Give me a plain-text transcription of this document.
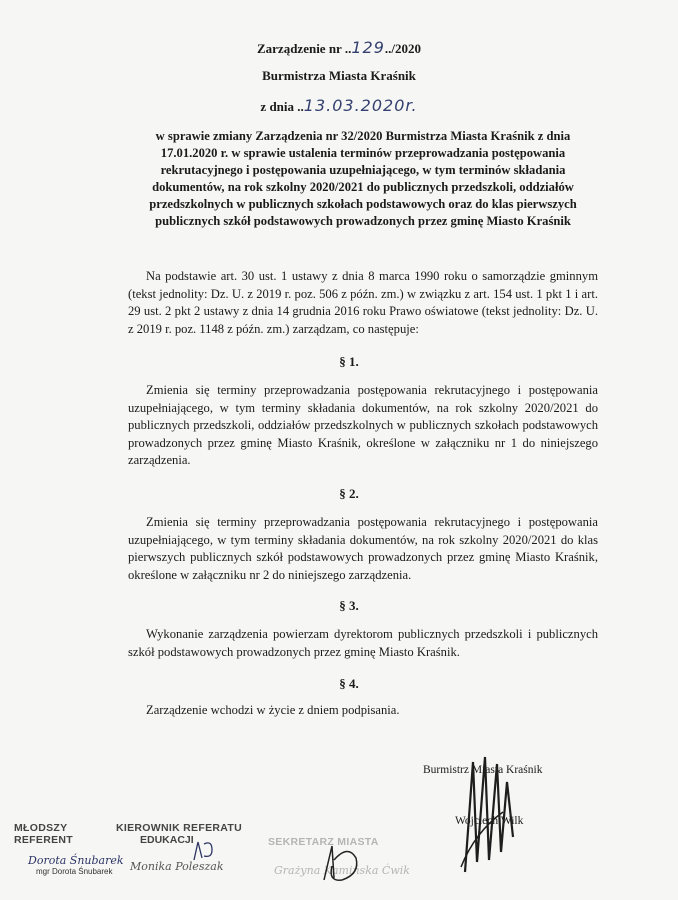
Zarządzenie nr ..129../2020
Burmistrza Miasta Kraśnik
z dnia ..13.03.2020r.
w sprawie zmiany Zarządzenia nr 32/2020 Burmistrza Miasta Kraśnik z dnia 17.01.2020 r. w sprawie ustalenia terminów przeprowadzania postępowania rekrutacyjnego i postępowania uzupełniającego, w tym terminów składania dokumentów, na rok szkolny 2020/2021 do publicznych przedszkoli, oddziałów przedszkolnych w publicznych szkołach podstawowych oraz do klas pierwszych publicznych szkół podstawowych prowadzonych przez gminę Miasto Kraśnik
Na podstawie art. 30 ust. 1 ustawy z dnia 8 marca 1990 roku o samorządzie gminnym (tekst jednolity: Dz. U. z 2019 r. poz. 506 z późn. zm.) w związku z art. 154 ust. 1 pkt 1 i art. 29 ust. 2 pkt 2 ustawy z dnia 14 grudnia 2016 roku Prawo oświatowe (tekst jednolity: Dz. U. z 2019 r. poz. 1148 z późn. zm.) zarządzam, co następuje:
§ 1.
Zmienia się terminy przeprowadzania postępowania rekrutacyjnego i postępowania uzupełniającego, w tym terminy składania dokumentów, na rok szkolny 2020/2021 do publicznych przedszkoli, oddziałów przedszkolnych w publicznych szkołach podstawowych prowadzonych przez gminę Miasto Kraśnik, określone w załączniku nr 1 do niniejszego zarządzenia.
§ 2.
Zmienia się terminy przeprowadzania postępowania rekrutacyjnego i postępowania uzupełniającego, w tym terminy składania dokumentów, na rok szkolny 2020/2021 do klas pierwszych publicznych szkół podstawowych prowadzonych przez gminę Miasto Kraśnik, określone w załączniku nr 2 do niniejszego zarządzenia.
§ 3.
Wykonanie zarządzenia powierzam dyrektorom publicznych przedszkoli i publicznych szkół podstawowych prowadzonych przez gminę Miasto Kraśnik.
§ 4.
Zarządzenie wchodzi w życie z dniem podpisania.
Burmistrz Miasta Kraśnik
Wojciech Wilk
MŁODSZY REFERENT
Dorota Śnubarek
mgr Dorota Śnubarek
KIEROWNIK REFERATU
EDUKACJI
Monika Poleszak
SEKRETARZ MIASTA
Grażyna Kamińska Ćwik
